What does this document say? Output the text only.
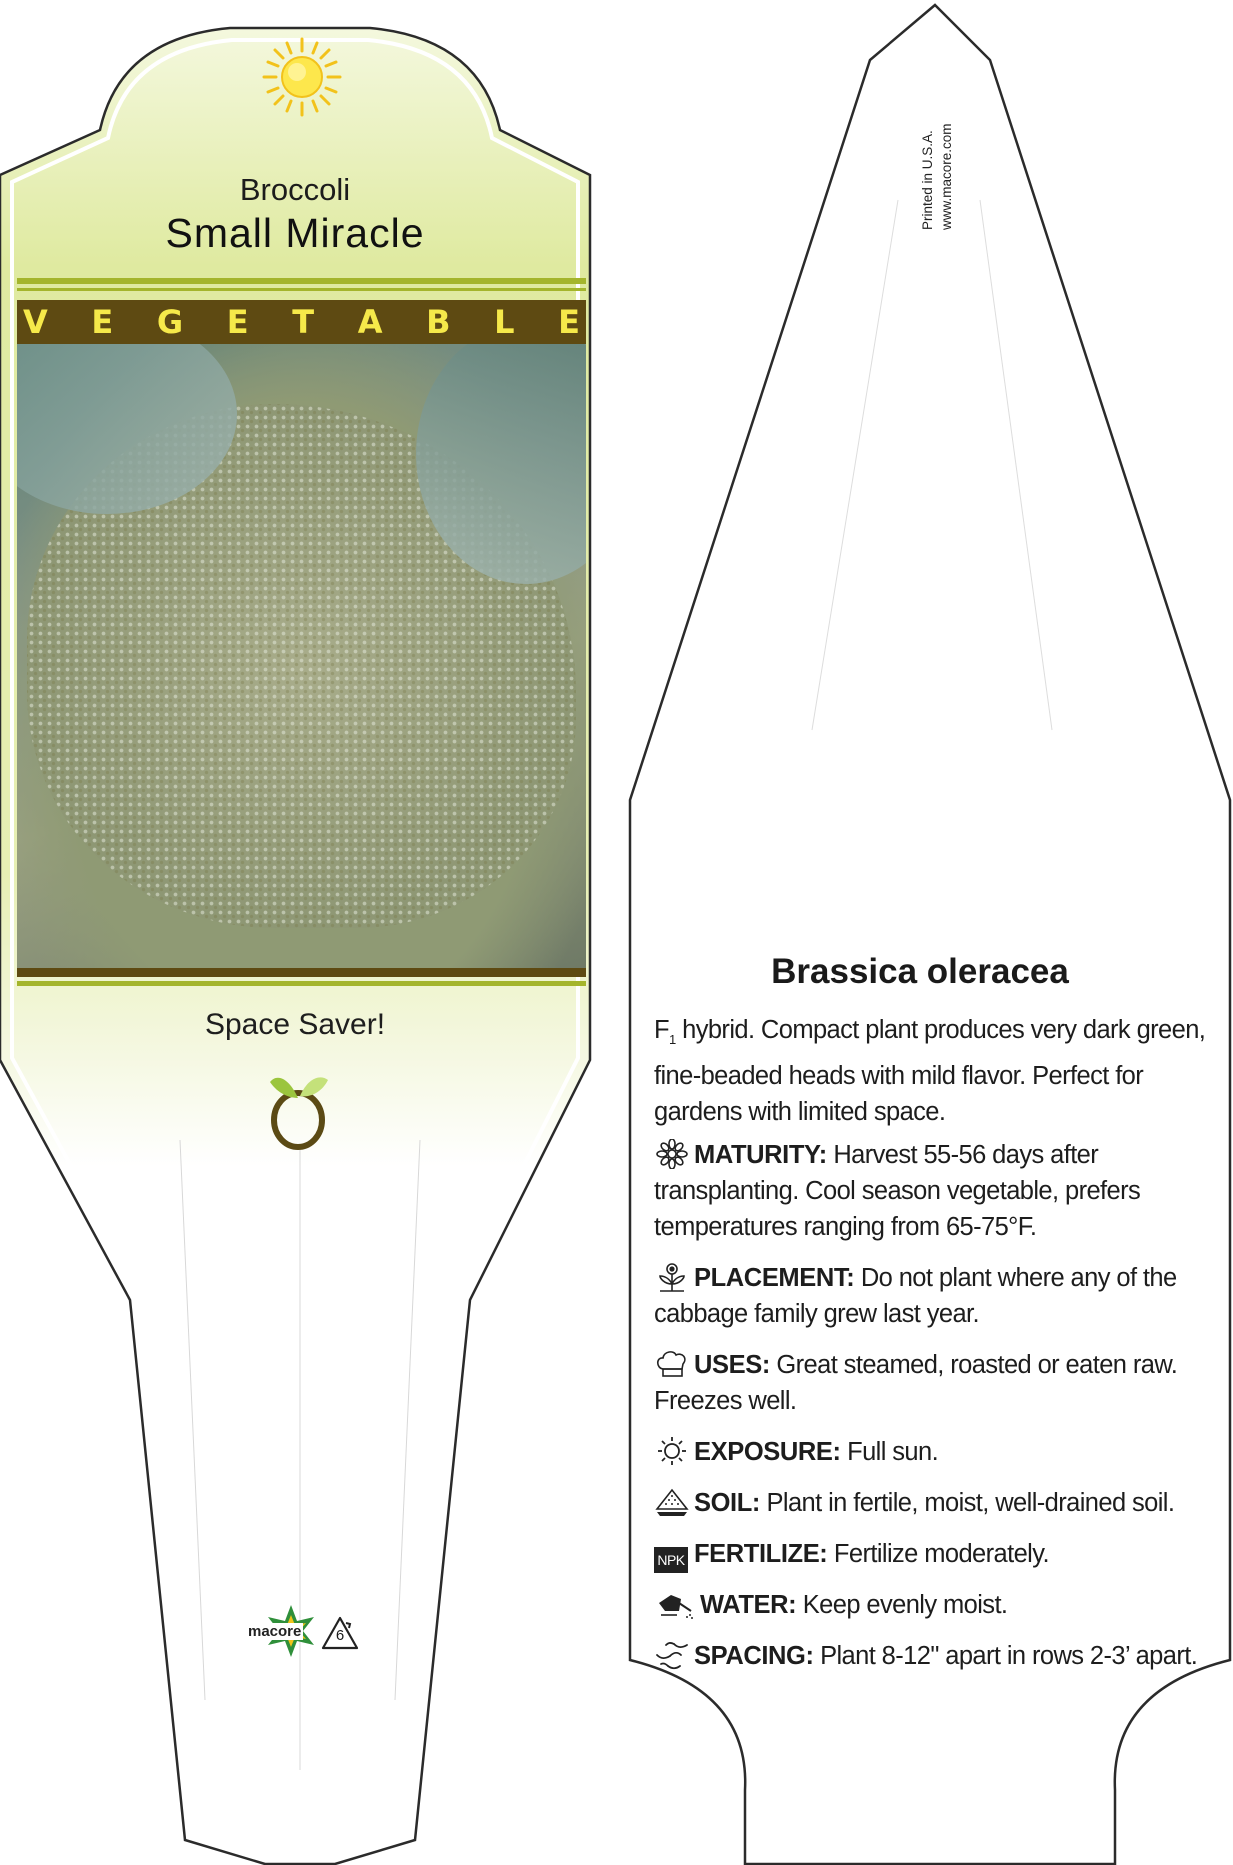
Broccoli
Small Miracle
V E G E T A B L E
Space Saver!
macore	6
Printed in U.S.A. www.macore.com
Brassica oleracea
$F_1$ hybrid. Compact plant produces very dark green, fine-beaded heads with mild flavor. Perfect for gardens with limited space.
MATURITY: Harvest 55-56 days after transplanting. Cool season vegetable, prefers temperatures ranging from 65-75°F.
PLACEMENT: Do not plant where any of the cabbage family grew last year.
USES: Great steamed, roasted or eaten raw. Freezes well.
EXPOSURE: Full sun.
SOIL: Plant in fertile, moist, well-drained soil.
NPK FERTILIZE: Fertilize moderately.
WATER: Keep evenly moist.
SPACING: Plant 8-12" apart in rows 2-3’ apart.
